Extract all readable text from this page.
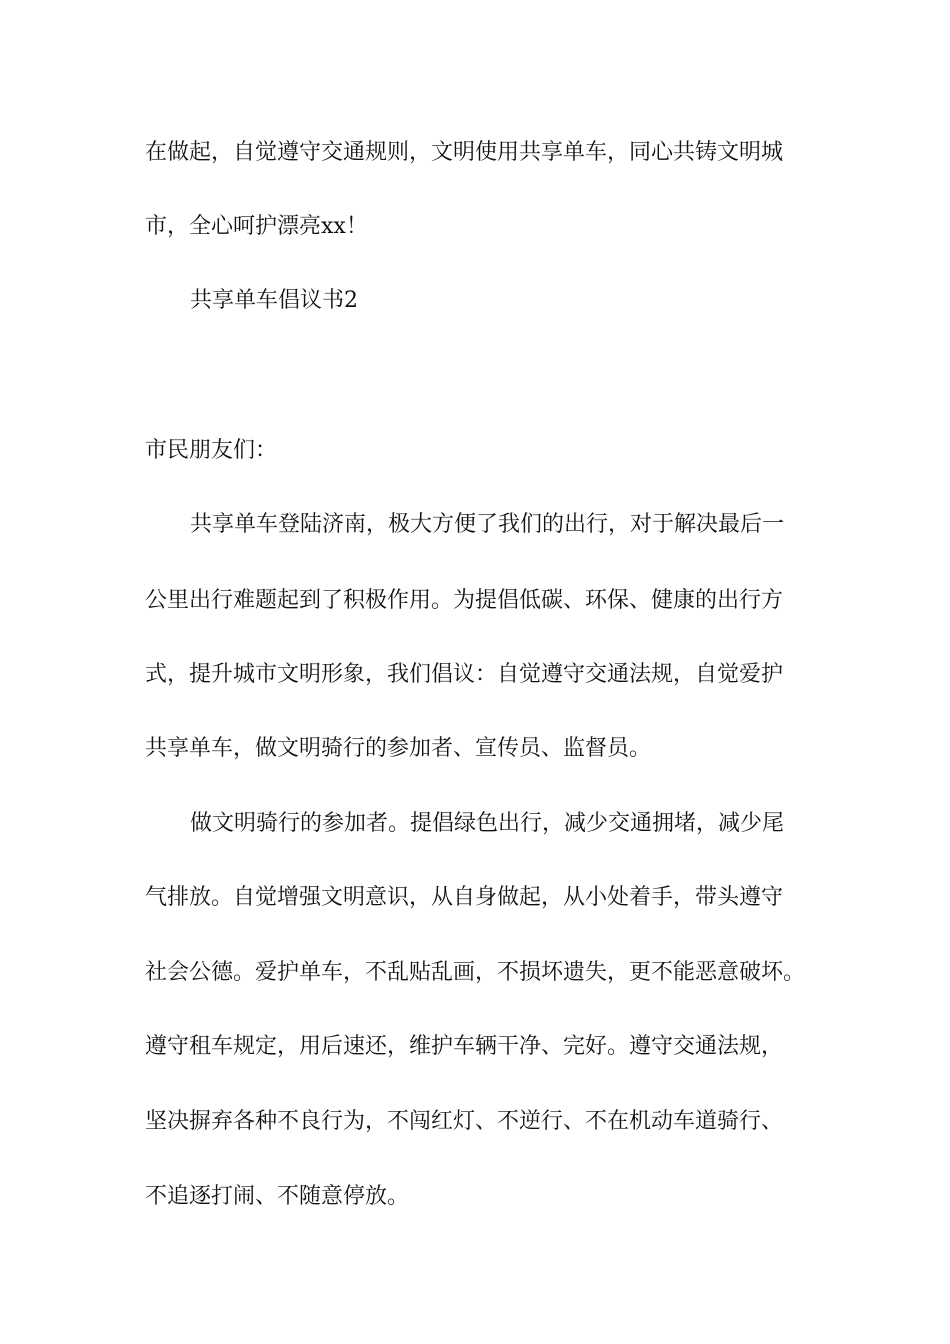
在做起，自觉遵守交通规则，文明使用共享单车，同心共铸文明城
市，全心呵护漂亮xx！
共享单车倡议书2
市民朋友们：
共享单车登陆济南，极大方便了我们的出行，对于解决最后一
公里出行难题起到了积极作用。为提倡低碳、环保、健康的出行方
式，提升城市文明形象，我们倡议：自觉遵守交通法规，自觉爱护
共享单车，做文明骑行的参加者、宣传员、监督员。
做文明骑行的参加者。提倡绿色出行，减少交通拥堵，减少尾
气排放。自觉增强文明意识，从自身做起，从小处着手，带头遵守
社会公德。爱护单车，不乱贴乱画，不损坏遗失，更不能恶意破坏。
遵守租车规定，用后速还，维护车辆干净、完好。遵守交通法规，
坚决摒弃各种不良行为，不闯红灯、不逆行、不在机动车道骑行、
不追逐打闹、不随意停放。
